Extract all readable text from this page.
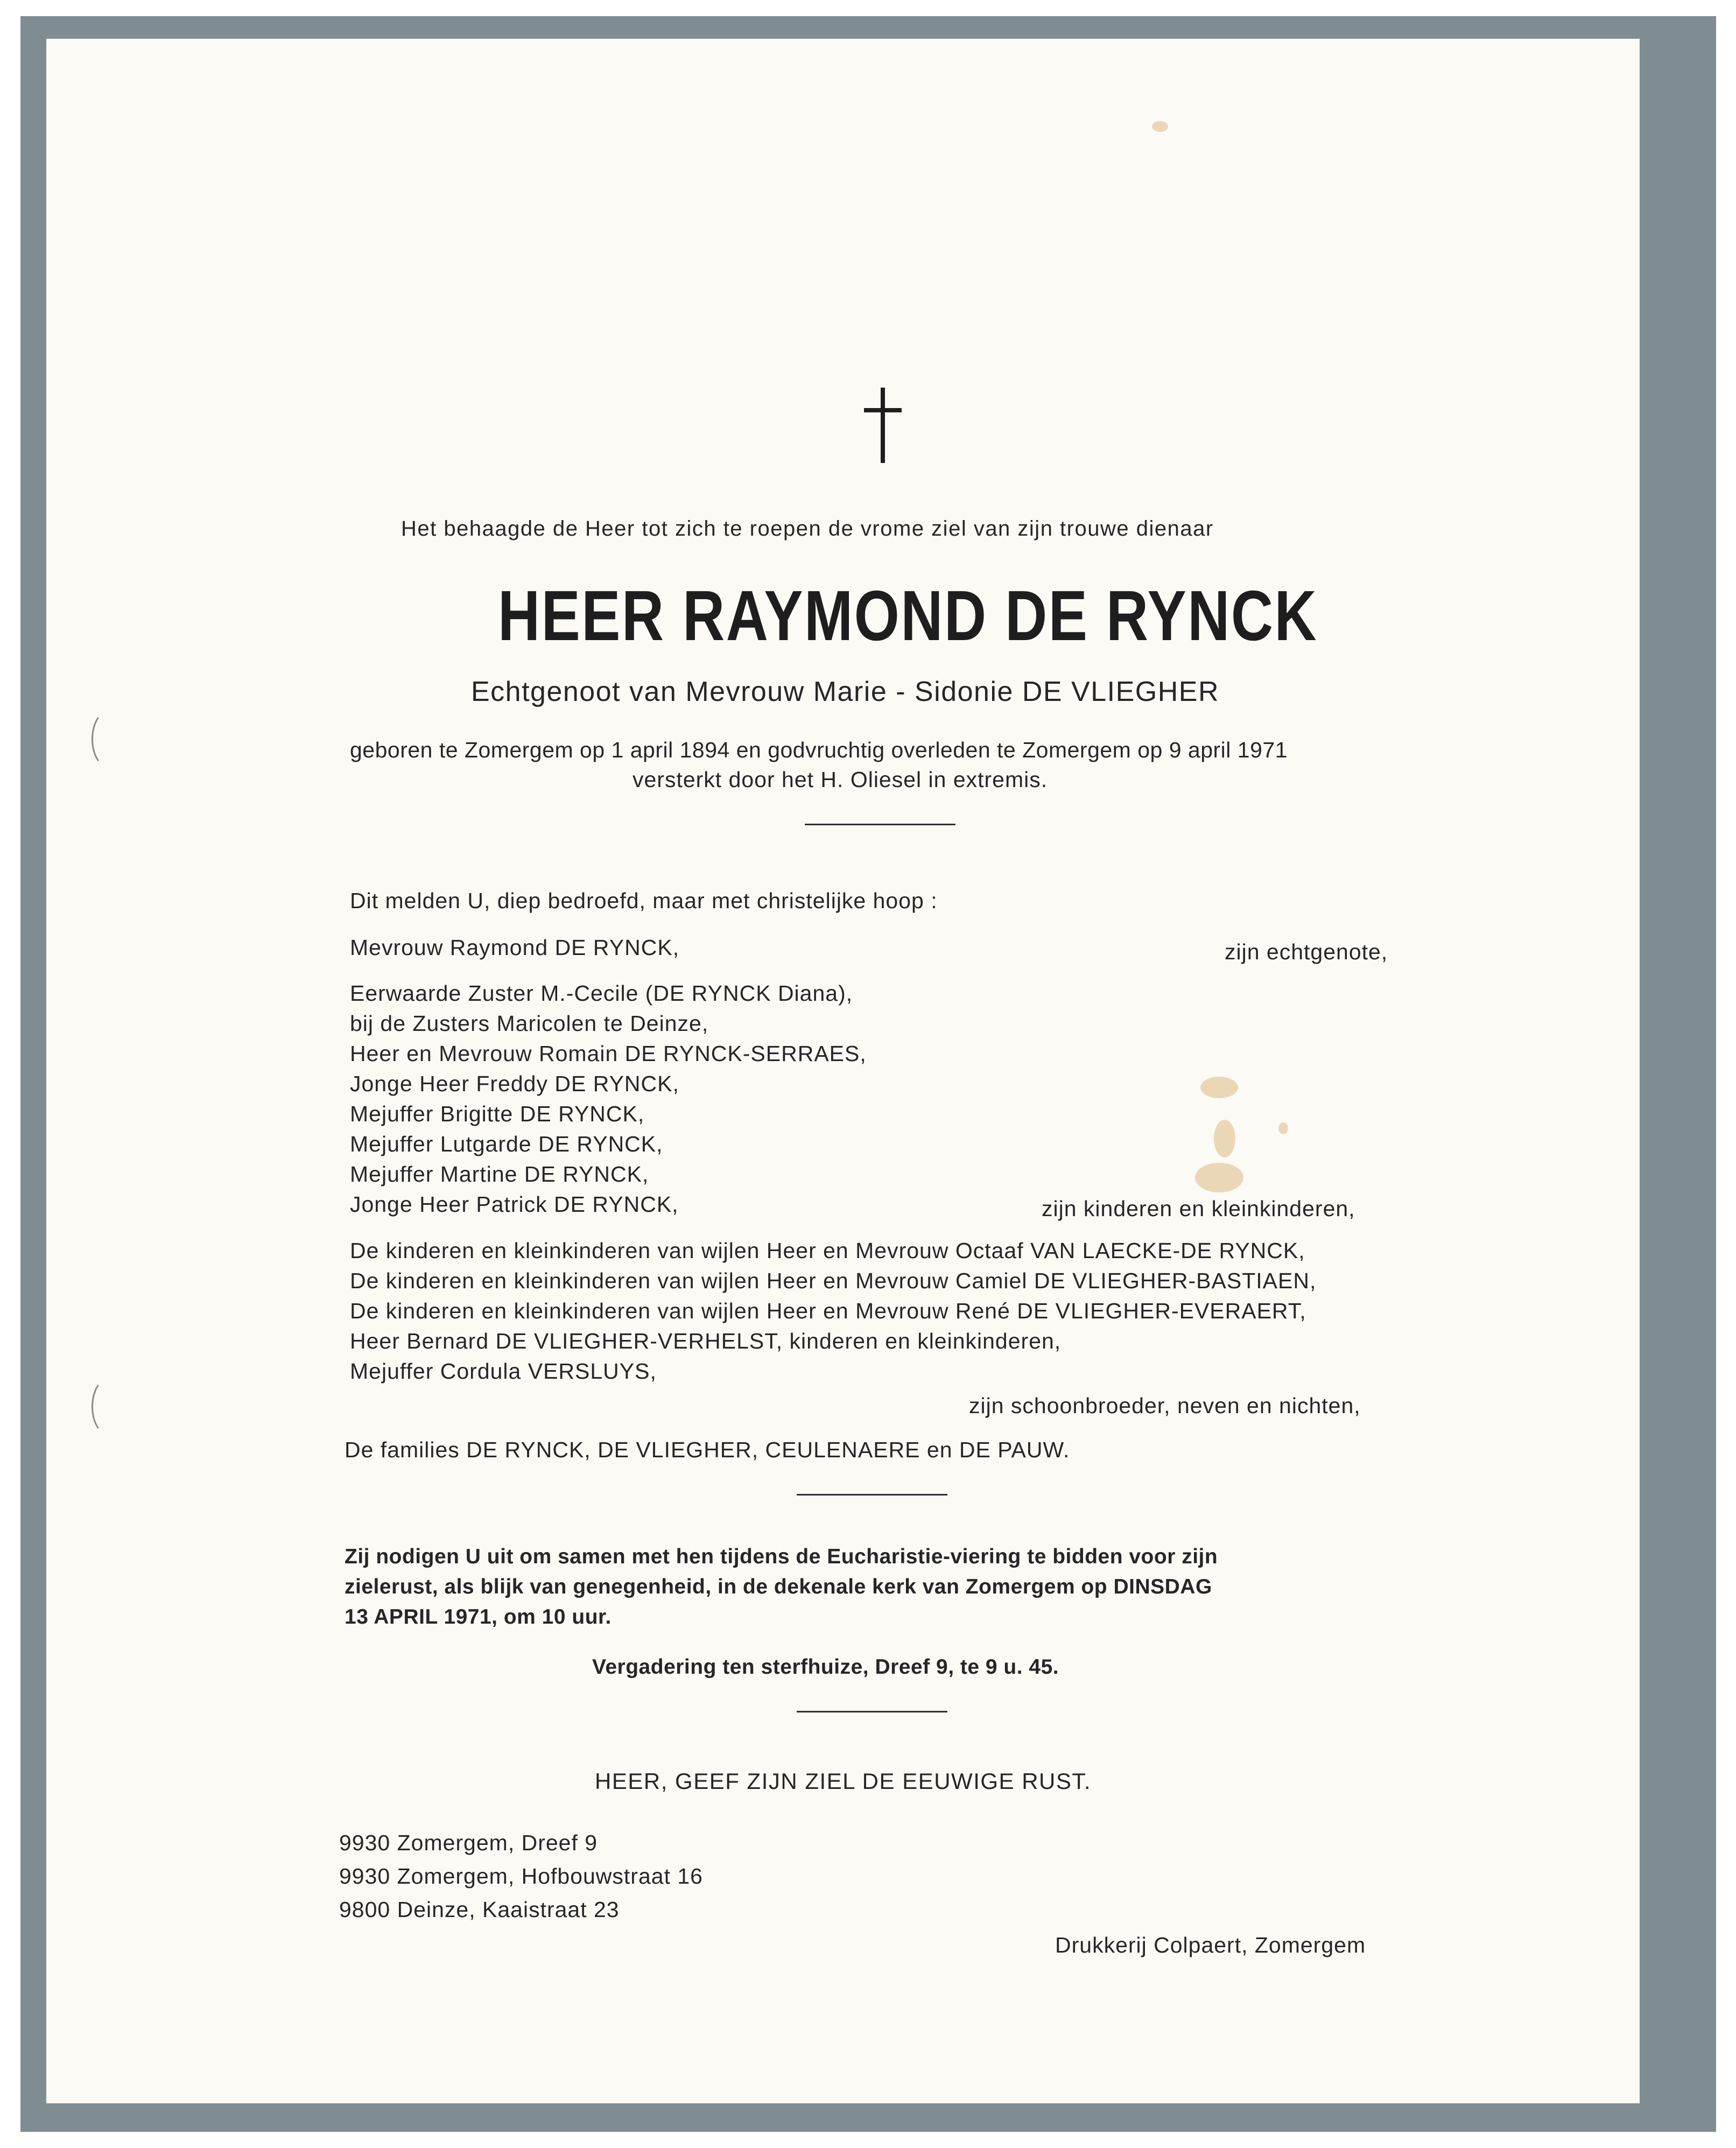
Het behaagde de Heer tot zich te roepen de vrome ziel van zijn trouwe dienaar
HEER RAYMOND DE RYNCK
Echtgenoot van Mevrouw Marie - Sidonie DE VLIEGHER
geboren te Zomergem op 1 april 1894 en godvruchtig overleden te Zomergem op 9 april 1971
versterkt door het H. Oliesel in extremis.
Dit melden U, diep bedroefd, maar met christelijke hoop :
Mevrouw Raymond DE RYNCK,	zijn echtgenote,
Eerwaarde Zuster M.-Cecile (DE RYNCK Diana),
bij de Zusters Maricolen te Deinze,
Heer en Mevrouw Romain DE RYNCK-SERRAES,
Jonge Heer Freddy DE RYNCK,
Mejuffer Brigitte DE RYNCK,
Mejuffer Lutgarde DE RYNCK,
Mejuffer Martine DE RYNCK,
Jonge Heer Patrick DE RYNCK,	zijn kinderen en kleinkinderen,
De kinderen en kleinkinderen van wijlen Heer en Mevrouw Octaaf VAN LAECKE-DE RYNCK,
De kinderen en kleinkinderen van wijlen Heer en Mevrouw Camiel DE VLIEGHER-BASTIAEN,
De kinderen en kleinkinderen van wijlen Heer en Mevrouw René DE VLIEGHER-EVERAERT,
Heer Bernard DE VLIEGHER-VERHELST, kinderen en kleinkinderen,
Mejuffer Cordula VERSLUYS,
zijn schoonbroeder, neven en nichten,
De families DE RYNCK, DE VLIEGHER, CEULENAERE en DE PAUW.
Zij nodigen U uit om samen met hen tijdens de Eucharistie-viering te bidden voor zijn
zielerust, als blijk van genegenheid, in de dekenale kerk van Zomergem op DINSDAG
13 APRIL 1971, om 10 uur.
Vergadering ten sterfhuize, Dreef 9, te 9 u. 45.
HEER, GEEF ZIJN ZIEL DE EEUWIGE RUST.
9930 Zomergem, Dreef 9
9930 Zomergem, Hofbouwstraat 16
9800 Deinze, Kaaistraat 23
Drukkerij Colpaert, Zomergem
